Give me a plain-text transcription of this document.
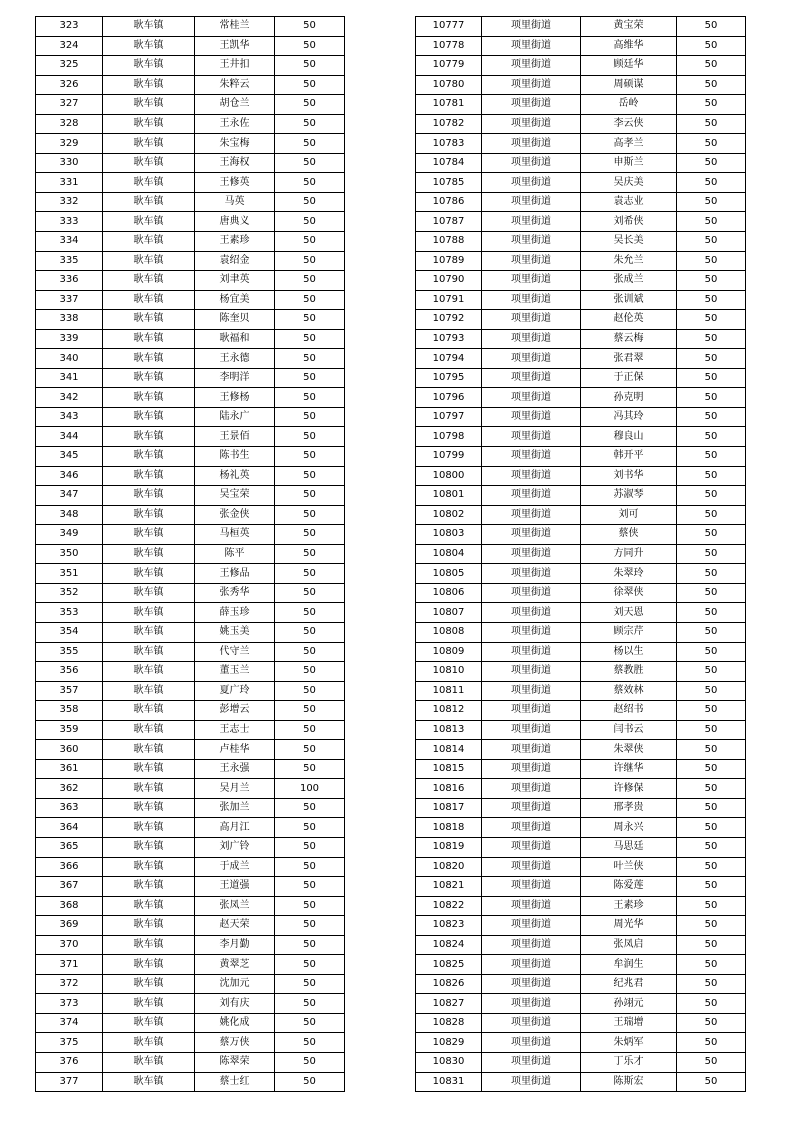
323	耿车镇	常桂兰	50
324	耿车镇	王凯华	50
325	耿车镇	王井扣	50
326	耿车镇	朱粹云	50
327	耿车镇	胡仓兰	50
328	耿车镇	王永佐	50
329	耿车镇	朱宝梅	50
330	耿车镇	王海权	50
331	耿车镇	王修英	50
332	耿车镇	马英	50
333	耿车镇	唐典义	50
334	耿车镇	王素珍	50
335	耿车镇	袁绍金	50
336	耿车镇	刘聿英	50
337	耿车镇	杨宜美	50
338	耿车镇	陈奎贝	50
339	耿车镇	耿福和	50
340	耿车镇	王永德	50
341	耿车镇	李明洋	50
342	耿车镇	王修杨	50
343	耿车镇	陆永广	50
344	耿车镇	王景佰	50
345	耿车镇	陈书生	50
346	耿车镇	杨礼英	50
347	耿车镇	吴宝荣	50
348	耿车镇	张金侠	50
349	耿车镇	马桓英	50
350	耿车镇	陈平	50
351	耿车镇	王修品	50
352	耿车镇	张秀华	50
353	耿车镇	薛玉珍	50
354	耿车镇	姚玉美	50
355	耿车镇	代守兰	50
356	耿车镇	董玉兰	50
357	耿车镇	夏广玲	50
358	耿车镇	彭增云	50
359	耿车镇	王志士	50
360	耿车镇	卢桂华	50
361	耿车镇	王永强	50
362	耿车镇	吴月兰	100
363	耿车镇	张加兰	50
364	耿车镇	高月江	50
365	耿车镇	刘广铃	50
366	耿车镇	于成兰	50
367	耿车镇	王道强	50
368	耿车镇	张凤兰	50
369	耿车镇	赵天荣	50
370	耿车镇	李月勤	50
371	耿车镇	黄翠芝	50
372	耿车镇	沈加元	50
373	耿车镇	刘有庆	50
374	耿车镇	姚化成	50
375	耿车镇	蔡万侠	50
376	耿车镇	陈翠荣	50
377	耿车镇	蔡士红	50
10777	项里街道	黄宝荣	50
10778	项里街道	高维华	50
10779	项里街道	顾廷华	50
10780	项里街道	周硕谋	50
10781	项里街道	岳岭	50
10782	项里街道	李云侠	50
10783	项里街道	高孝兰	50
10784	项里街道	申斯兰	50
10785	项里街道	吴庆美	50
10786	项里街道	袁志业	50
10787	项里街道	刘希侠	50
10788	项里街道	吴长美	50
10789	项里街道	朱允兰	50
10790	项里街道	张成兰	50
10791	项里街道	张训斌	50
10792	项里街道	赵伦英	50
10793	项里街道	蔡云梅	50
10794	项里街道	张君翠	50
10795	项里街道	于正保	50
10796	项里街道	孙克明	50
10797	项里街道	冯其玲	50
10798	项里街道	穆良山	50
10799	项里街道	韩开平	50
10800	项里街道	刘书华	50
10801	项里街道	苏淑琴	50
10802	项里街道	刘可	50
10803	项里街道	蔡侠	50
10804	项里街道	方同升	50
10805	项里街道	朱翠玲	50
10806	项里街道	徐翠侠	50
10807	项里街道	刘天恩	50
10808	项里街道	顾宗芹	50
10809	项里街道	杨以生	50
10810	项里街道	蔡教胜	50
10811	项里街道	蔡效林	50
10812	项里街道	赵绍书	50
10813	项里街道	闫书云	50
10814	项里街道	朱翠侠	50
10815	项里街道	许继华	50
10816	项里街道	许修保	50
10817	项里街道	邢孝贵	50
10818	项里街道	周永兴	50
10819	项里街道	马思廷	50
10820	项里街道	叶兰侠	50
10821	项里街道	陈爱莲	50
10822	项里街道	王素珍	50
10823	项里街道	周光华	50
10824	项里街道	张凤启	50
10825	项里街道	牟润生	50
10826	项里街道	纪兆君	50
10827	项里街道	孙翊元	50
10828	项里街道	王瑞增	50
10829	项里街道	朱炳军	50
10830	项里街道	丁乐才	50
10831	项里街道	陈斯宏	50
